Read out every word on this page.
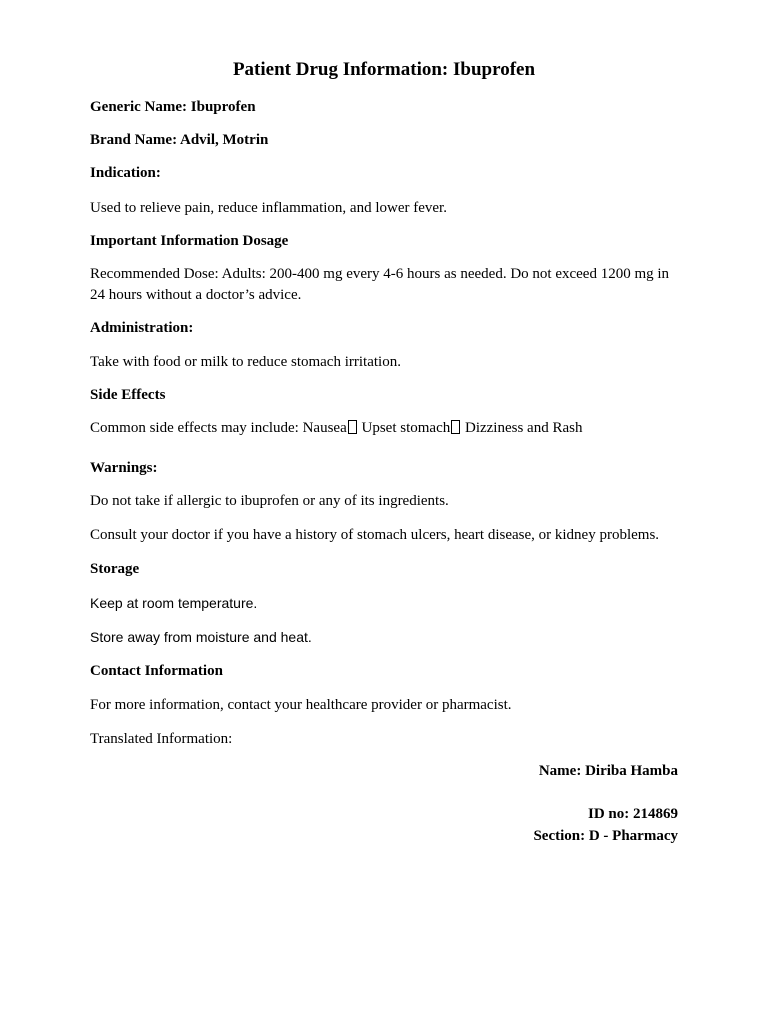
Patient Drug Information: Ibuprofen
Generic Name: Ibuprofen
Brand Name: Advil, Motrin
Indication:
Used to relieve pain, reduce inflammation, and lower fever.
Important Information Dosage
Recommended Dose: Adults: 200-400 mg every 4-6 hours as needed. Do not exceed 1200 mg in 24 hours without a doctor’s advice.
Administration:
Take with food or milk to reduce stomach irritation.
Side Effects
Common side effects may include: Nausea Upset stomach Dizziness and Rash
Warnings:
Do not take if allergic to ibuprofen or any of its ingredients.
Consult your doctor if you have a history of stomach ulcers, heart disease, or kidney problems.
Storage
Keep at room temperature.
Store away from moisture and heat.
Contact Information
For more information, contact your healthcare provider or pharmacist.
Translated Information:
Name: Diriba Hamba
ID no: 214869
Section: D - Pharmacy
